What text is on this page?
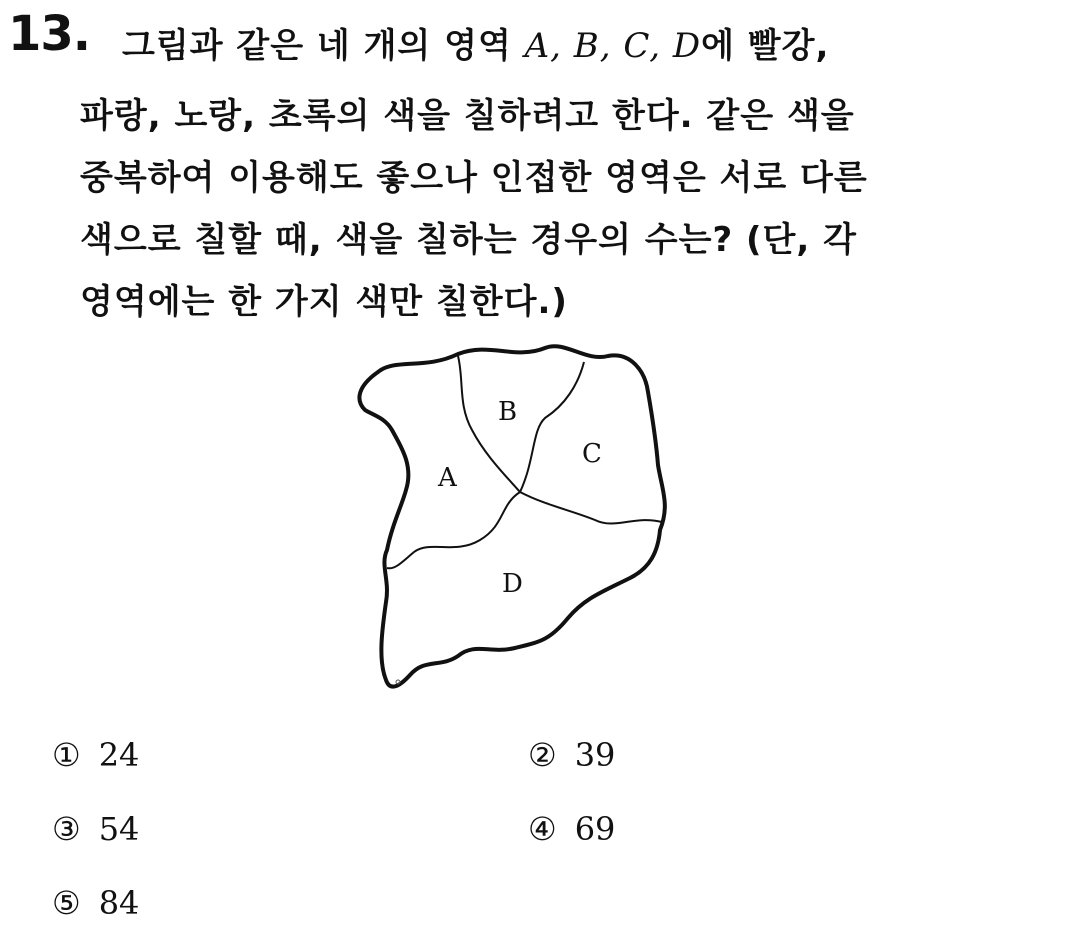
13. 그림과 같은 네 개의 영역 A, B, C, D에 빨강,
파랑, 노랑, 초록의 색을 칠하려고 한다. 같은 색을
중복하여 이용해도 좋으나 인접한 영역은 서로 다른
색으로 칠할 때, 색을 칠하는 경우의 수는? (단, 각
영역에는 한 가지 색만 칠한다.)
B
C
A
D
① 24	② 39
③ 54	④ 69
⑤ 84
